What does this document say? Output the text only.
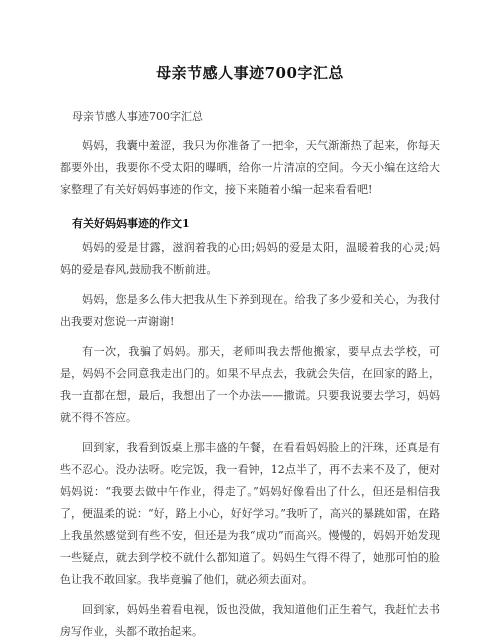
母亲节感人事迹700字汇总
母亲节感人事迹700字汇总

妈妈，我囊中羞涩，我只为你准备了一把伞，天气渐渐热了起来，你每天都要外出，我要你不受太阳的曝晒，给你一片清凉的空间。今天小编在这给大家整理了有关好妈妈事迹的作文，接下来随着小编一起来看看吧!

有关好妈妈事迹的作文1

妈妈的爱是甘露，滋润着我的心田;妈妈的爱是太阳，温暖着我的心灵;妈妈的爱是春风,鼓励我不断前进。

妈妈，您是多么伟大把我从生下养到现在。给我了多少爱和关心，为我付出我要对您说一声谢谢!

有一次，我骗了妈妈。那天，老师叫我去帮他搬家，要早点去学校，可是，妈妈不会同意我走出门的。如果不早点去，我就会失信，在回家的路上，我一直都在想，最后，我想出了一个办法——撒谎。只要我说要去学习，妈妈就不得不答应。

回到家，我看到饭桌上那丰盛的午餐，在看看妈妈脸上的汗珠，还真是有些不忍心。没办法呀。吃完饭，我一看钟，12点半了，再不去来不及了，便对妈妈说：“我要去做中午作业，得走了。”妈妈好像看出了什么，但还是相信我了，便温柔的说：“好，路上小心，好好学习。”我听了，高兴的暴跳如雷，在路上我虽然感觉到有些不安，但还是为我“成功”而高兴。慢慢的，妈妈开始发现一些疑点，就去到学校不就什么都知道了。妈妈生气得不得了，她那可怕的脸色让我不敢回家。我毕竟骗了他们，就必须去面对。

回到家，妈妈坐着看电视，饭也没做，我知道他们正生着气，我赶忙去书房写作业，头都不敢抬起来。
